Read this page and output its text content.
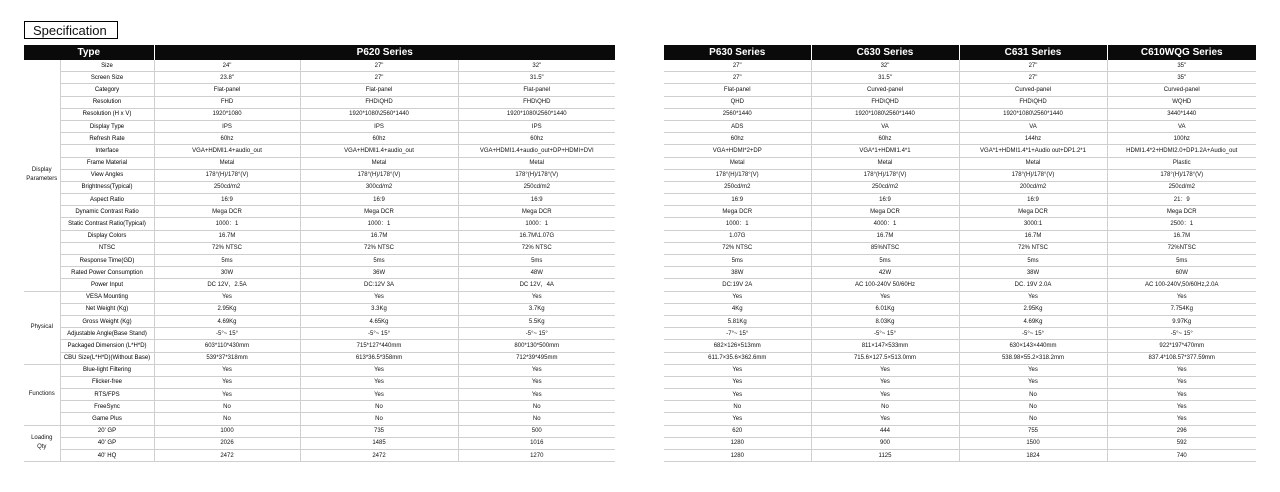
Specification
Type		P620 Series		
Display Parameters	Size	24"	27"	32"
	Screen Size	23.8"	27"	31.5"
	Category	Flat-panel	Flat-panel	Flat-panel
	Resolution	FHD	FHD\QHD	FHD\QHD
	Resolution (H x V)	1920*1080	1920*1080\2560*1440	1920*1080\2560*1440
	Display Type	IPS	IPS	IPS
	Refresh Rate	60hz	60hz	60hz
	Interface	VGA+HDMI1.4+audio_out	VGA+HDMI1.4+audio_out	VGA+HDMI1.4+audio_out+DP+HDMI+DVI
	Frame Material	Metal	Metal	Metal
	View Angles	178°(H)/178°(V)	178°(H)/178°(V)	178°(H)/178°(V)
	Brightness(Typical)	250cd/m2	300cd/m2	250cd/m2
	Aspect Ratio	16:9	16:9	16:9
	Dynamic Contrast Ratio	Mega DCR	Mega DCR	Mega DCR
	Static Contrast Ratio(Typical)	1000：1	1000：1	1000：1
	Display Colors	16.7M	16.7M	16.7M\1.07G
	NTSC	72% NTSC	72% NTSC	72% NTSC
	Response Time(GD)	5ms	5ms	5ms
	Rated Power Consumption	30W	36W	48W
	Power Input	DC 12V，2.5A	DC:12V 3A	DC 12V，4A
Physical	VESA Mounting	Yes	Yes	Yes
	Net Weight (Kg)	2.95Kg	3.3Kg	3.7Kg
	Gross Weight (Kg)	4.69Kg	4.65Kg	5.5Kg
	Adjustable Angle(Base Stand)	-5°~ 15°	-5°~ 15°	-5°~ 15°
	Packaged Dimension (L*H*D)	603*110*430mm	715*127*440mm	800*130*500mm
	CBU Size(L*H*D)(Without Base)	539*37*318mm	613*36.5*358mm	712*39*495mm
Functions	Blue-light Filtering	Yes	Yes	Yes
	Flicker-free	Yes	Yes	Yes
	RTS/FPS	Yes	Yes	Yes
	FreeSync	No	No	No
	Game Plus	No	No	No
Loading Qty	20' GP	1000	735	500
	40' GP	2026	1485	1016
	40' HQ	2472	2472	1270
P630 Series	C630 Series	C631 Series	C610WQG Series
27"	32"	27"	35"
27"	31.5"	27"	35"
Flat-panel	Curved-panel	Curved-panel	Curved-panel
QHD	FHD\QHD	FHD\QHD	WQHD
2560*1440	1920*1080\2560*1440	1920*1080\2560*1440	3440*1440
ADS	VA	VA	VA
60hz	60hz	144hz	100hz
VGA+HDMI*2+DP	VGA*1+HDMI1.4*1	VGA*1+HDMI1.4*1+Audio out+DP1.2*1	HDMI1.4*2+HDMI2.0+DP1.2A+Audio_out
Metal	Metal	Metal	Plastic
178°(H)/178°(V)	178°(H)/178°(V)	178°(H)/178°(V)	178°(H)/178°(V)
250cd/m2	250cd/m2	200cd/m2	250cd/m2
16:9	16:9	16:9	21：9
Mega DCR	Mega DCR	Mega DCR	Mega DCR
1000：1	4000：1	3000:1	2500：1
1.07G	16.7M	16.7M	16.7M
72% NTSC	85%NTSC	72% NTSC	72%NTSC
5ms	5ms	5ms	5ms
38W	42W	38W	60W
DC:19V 2A	AC 100-240V 50/60Hz	DC. 19V 2.0A	AC 100-240V,50/60Hz,2.0A
Yes	Yes	Yes	Yes
4Kg	6.01Kg	2.95Kg	7.754Kg
5.81Kg	8.03Kg	4.69Kg	9.97Kg
-7°~ 15°	-5°~ 15°	-5°~ 15°	-5°~ 15°
682×126×513mm	811×147×533mm	630×143×440mm	922*197*470mm
611.7×35.6×362.6mm	715.6×127.5×513.0mm	538.98×55.2×318.2mm	837.4*108.57*377.59mm
Yes	Yes	Yes	Yes
Yes	Yes	Yes	Yes
Yes	Yes	No	Yes
No	No	No	Yes
Yes	Yes	No	Yes
620	444	755	296
1280	900	1500	592
1280	1125	1824	740
